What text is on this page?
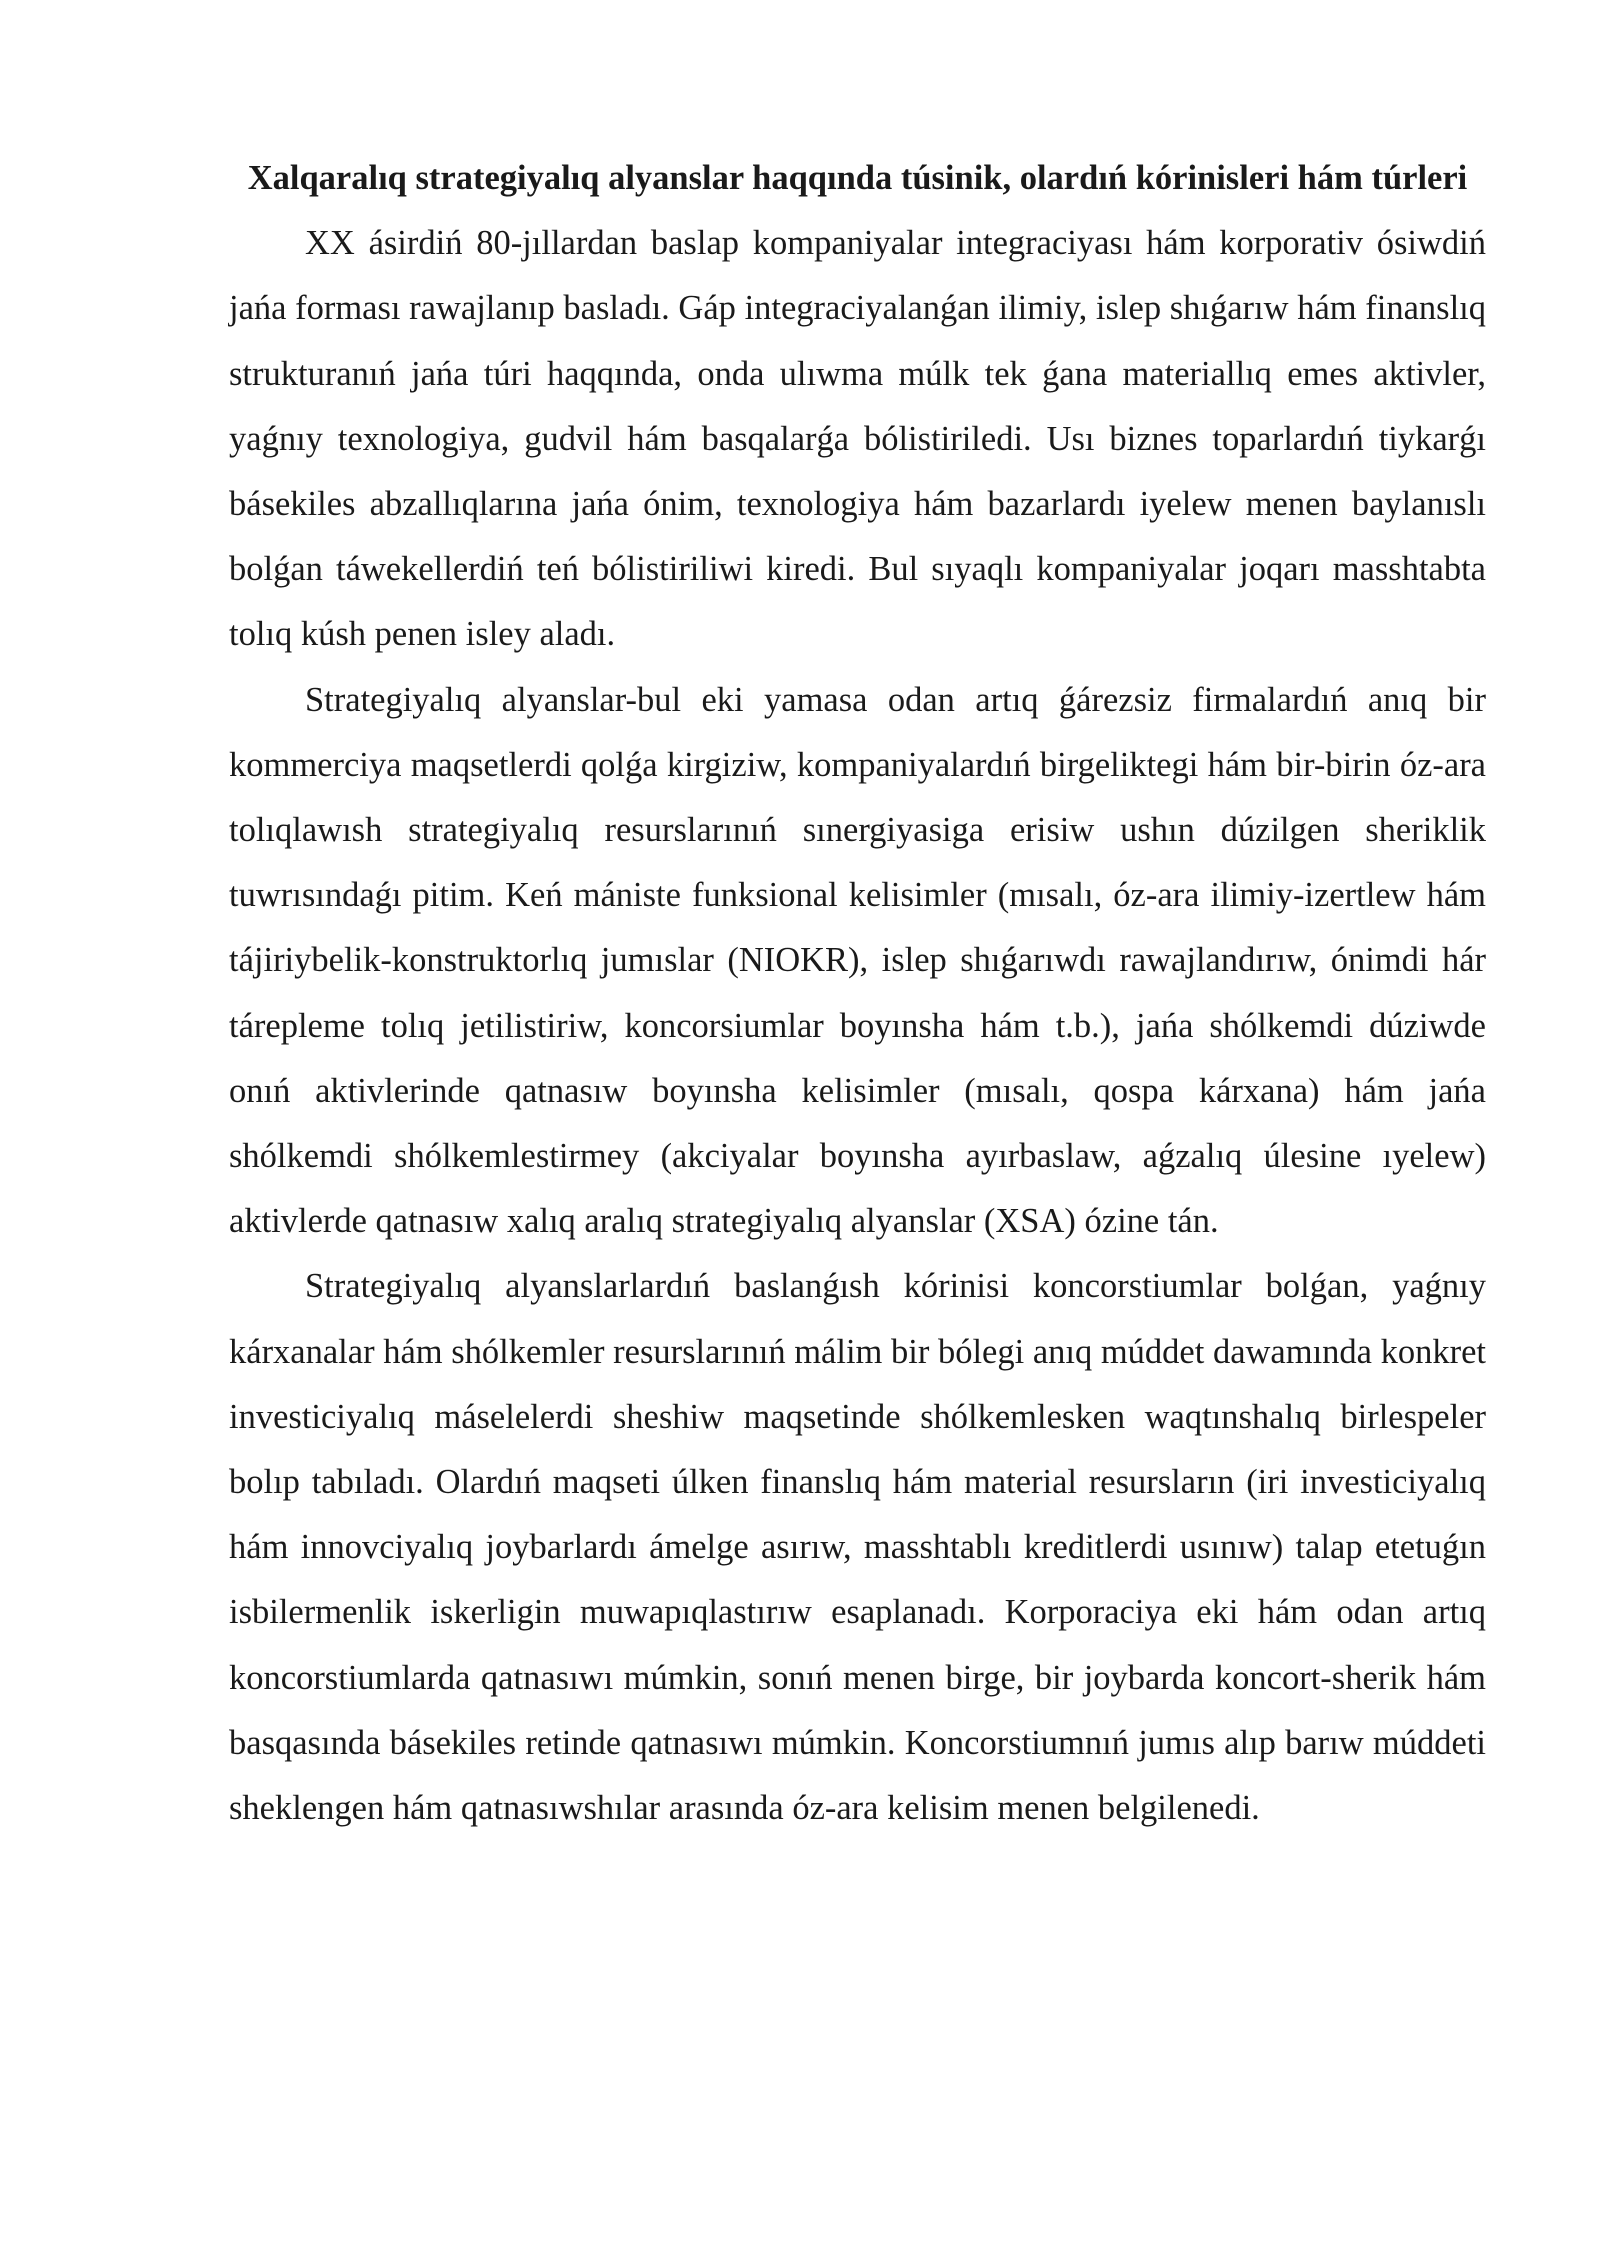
Xalqaralıq strategiyalıq alyanslar haqqında túsinik, olardıń kórinisleri hám túrleri

XX ásirdiń 80-jıllardan baslap kompaniyalar integraciyası hám korporativ ósiwdiń jańa forması rawajlanıp basladı. Gáp integraciyalanǵan ilimiy, islep shıǵarıw hám finanslıq strukturanıń jańa túri haqqında, onda ulıwma múlk tek ǵana materiallıq emes aktivler, yaǵnıy texnologiya, gudvil hám basqalarǵa bólistiriledi. Usı biznes toparlardıń tiykarǵı básekiles abzallıqlarına jańa ónim, texnologiya hám bazarlardı iyelew menen baylanıslı bolǵan táwekellerdiń teń bólistiriliwi kiredi. Bul sıyaqlı kompaniyalar joqarı masshtabta tolıq kúsh penen isley aladı.

Strategiyalıq alyanslar-bul eki yamasa odan artıq ǵárezsiz firmalardıń anıq bir kommerciya maqsetlerdi qolǵa kirgiziw, kompaniyalardıń birgeliktegi hám bir-birin óz-ara tolıqlawısh strategiyalıq resurslarınıń sınergiyasiga erisiw ushın dúzilgen sheriklik tuwrısındaǵı pitim. Keń mániste funksional kelisimler (mısalı, óz-ara ilimiy-izertlew hám tájiriybelik-konstruktorlıq jumıslar (NIOKR), islep shıǵarıwdı rawajlandırıw, ónimdi hár tárepleme tolıq jetilistiriw, koncorsiumlar boyınsha hám t.b.), jańa shólkemdi dúziwde onıń aktivlerinde qatnasıw boyınsha kelisimler (mısalı, qospa kárxana) hám jańa shólkemdi shólkemlestirmey (akciyalar boyınsha ayırbaslaw, aǵzalıq úlesine ıyelew) aktivlerde qatnasıw xalıq aralıq strategiyalıq alyanslar (XSA) ózine tán.

Strategiyalıq alyanslarlardıń baslanǵısh kórinisi koncorstiumlar bolǵan, yaǵnıy kárxanalar hám shólkemler resurslarınıń málim bir bólegi anıq múddet dawamında konkret investiciyalıq máselelerdi sheshiw maqsetinde shólkemlesken waqtınshalıq birlespeler bolıp tabıladı. Olardıń maqseti úlken finanslıq hám material resursların (iri investiciyalıq hám innovciyalıq joybarlardı ámelge asırıw, masshtablı kreditlerdi usınıw) talap etetuǵın isbilermenlik iskerligin muwapıqlastırıw esaplanadı. Korporaciya eki hám odan artıq koncorstiumlarda qatnasıwı múmkin, sonıń menen birge, bir joybarda koncort-sherik hám basqasında básekiles retinde qatnasıwı múmkin. Koncorstiumnıń jumıs alıp barıw múddeti sheklengen hám qatnasıwshılar arasında óz-ara kelisim menen belgilenedi.
